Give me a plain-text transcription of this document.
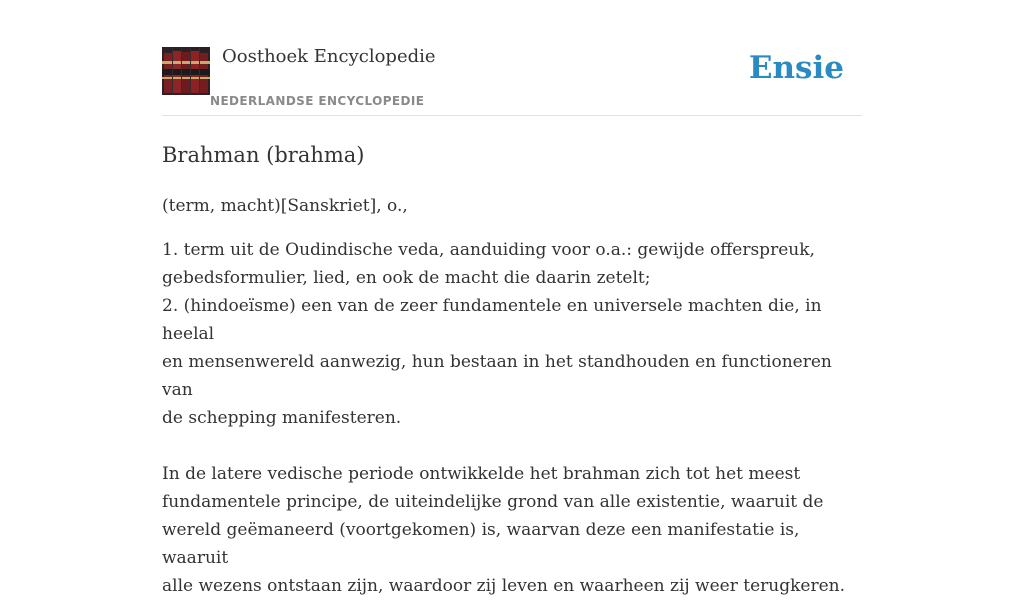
Oosthoek Encyclopedie
NEDERLANDSE ENCYCLOPEDIE
Ensie
Brahman (brahma)
(term, macht)[Sanskriet], o.,

1. term uit de Oudindische veda, aanduiding voor o.a.: gewijde offerspreuk,

gebedsformulier, lied, en ook de macht die daarin zetelt;

2. (hindoeïsme) een van de zeer fundamentele en universele machten die, in heelal

en mensenwereld aanwezig, hun bestaan in het standhouden en functioneren van

de schepping manifesteren.

In de latere vedische periode ontwikkelde het brahman zich tot het meest

fundamentele principe, de uiteindelijke grond van alle existentie, waaruit de

wereld geëmaneerd (voortgekomen) is, waarvan deze een manifestatie is, waaruit

alle wezens ontstaan zijn, waardoor zij leven en waarheen zij weer terugkeren.
